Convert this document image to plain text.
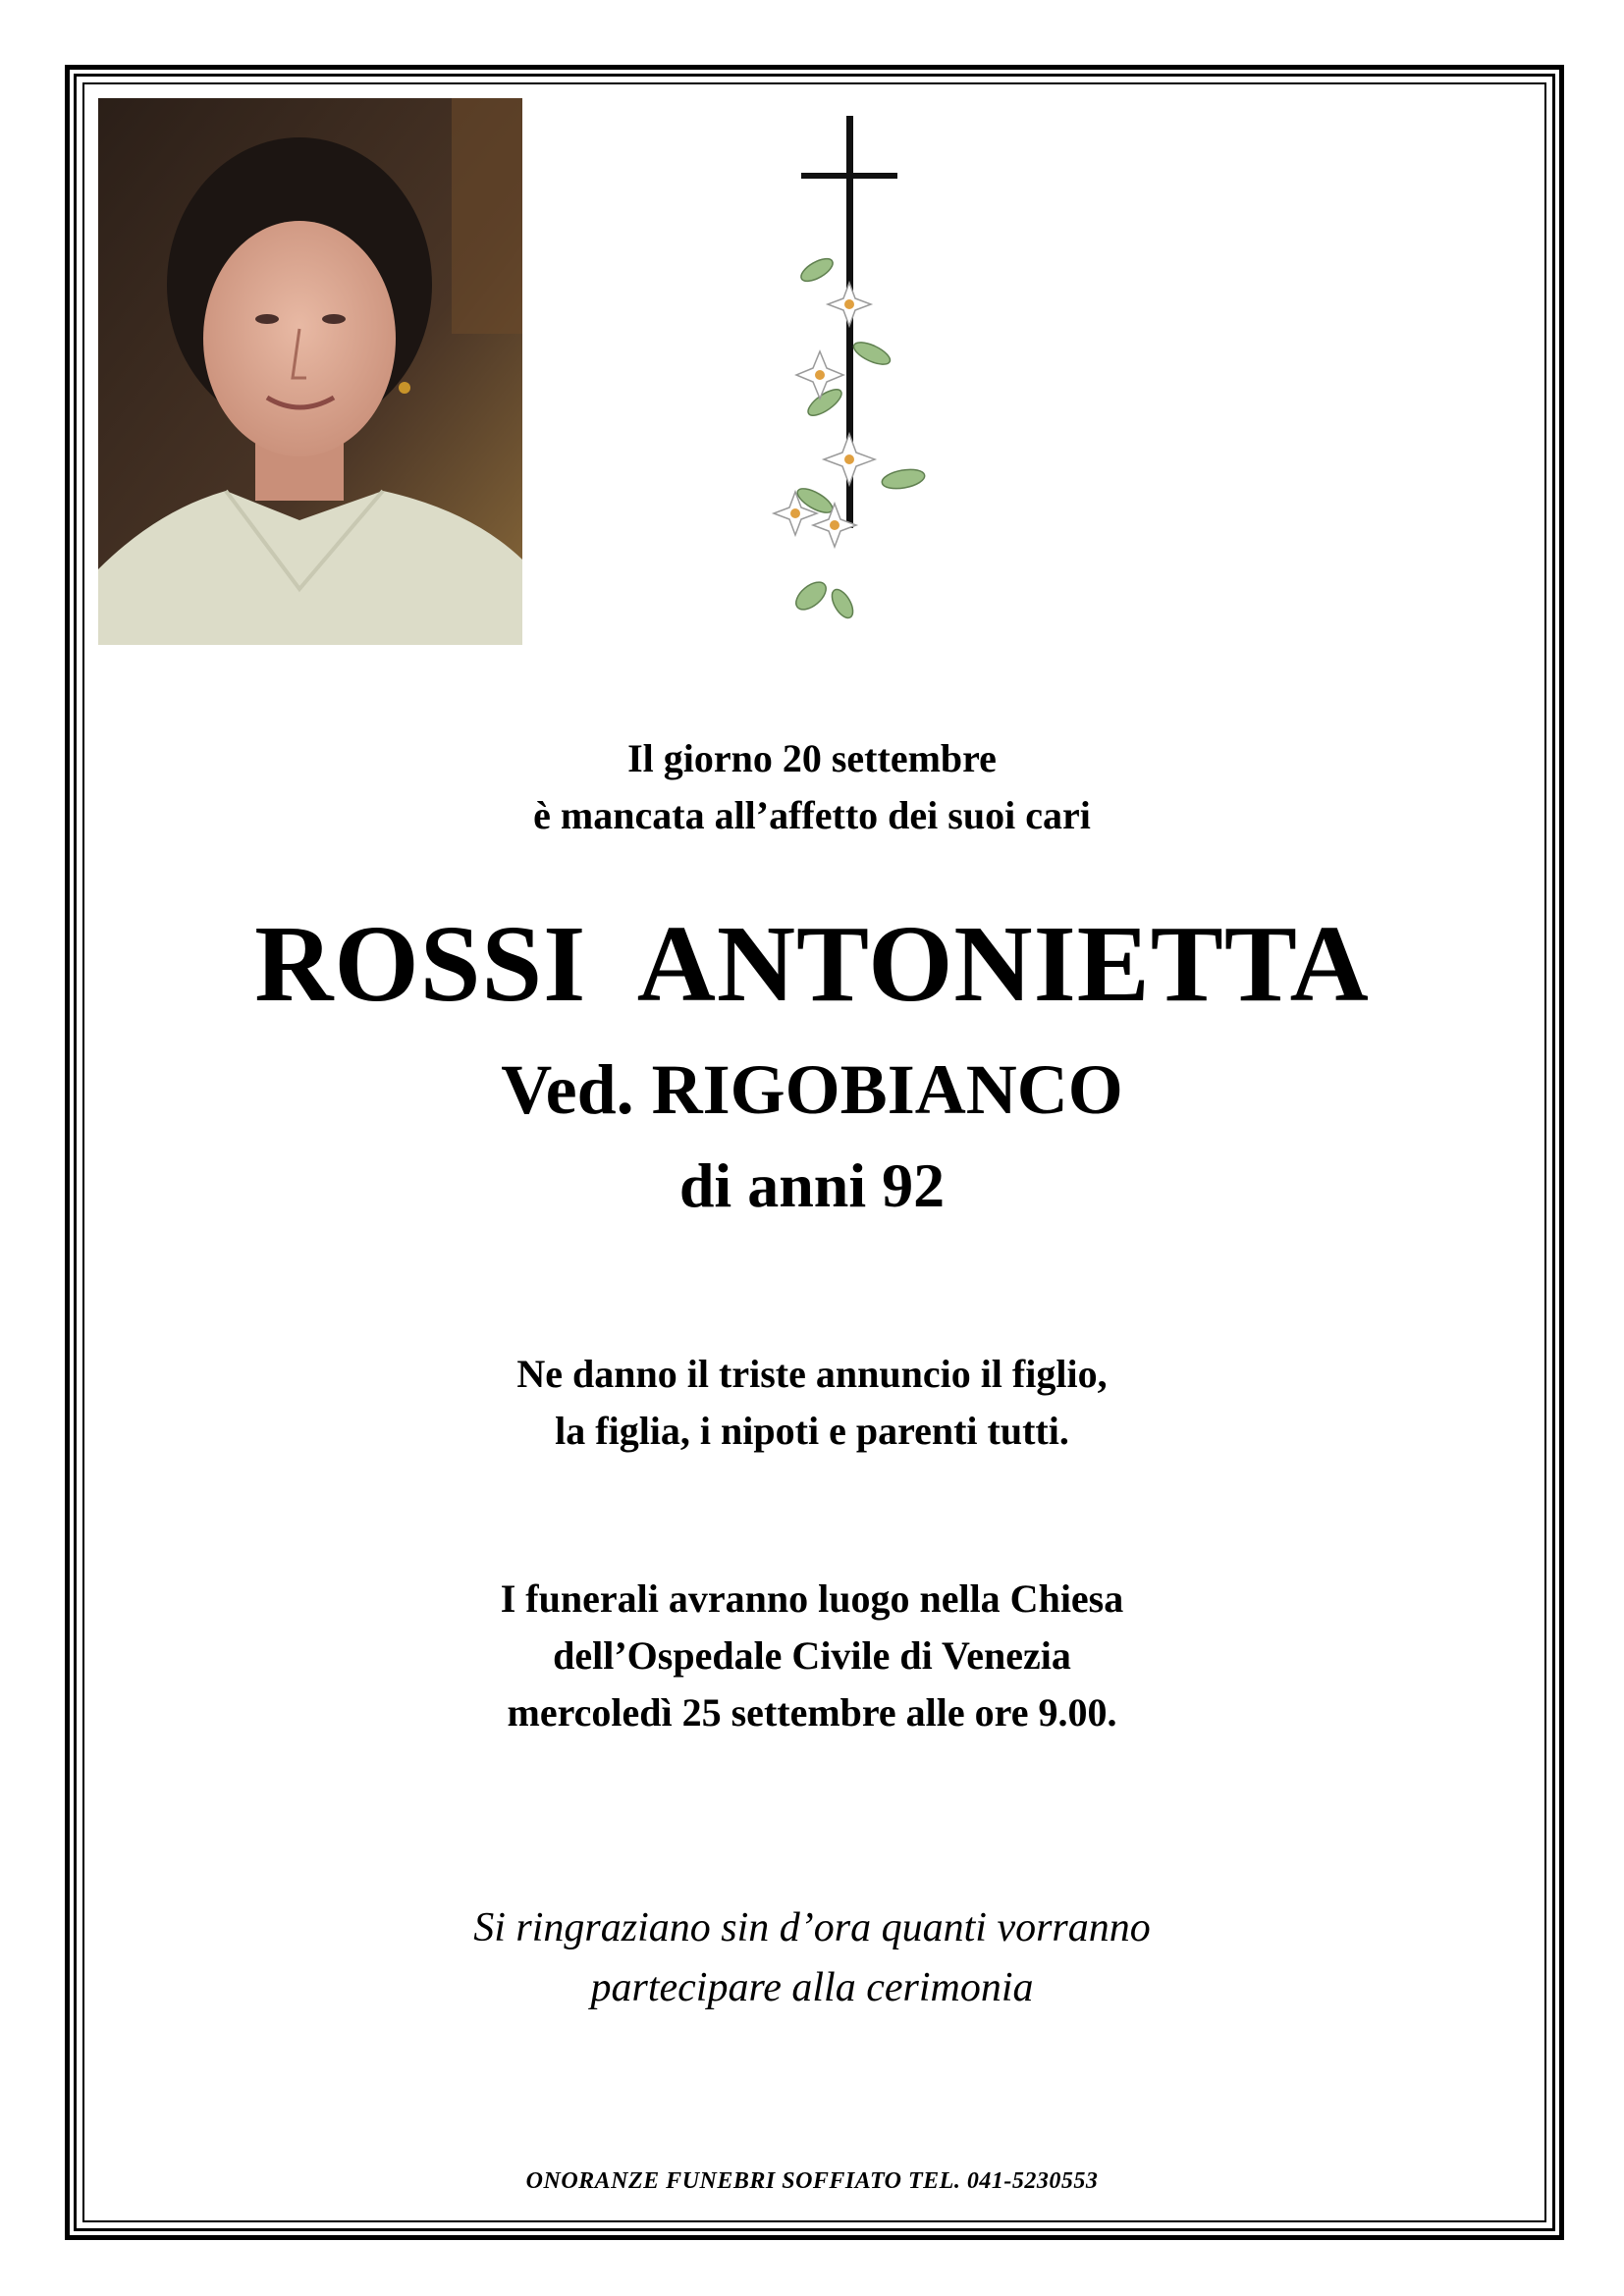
Il giorno 20 settembre
è mancata all’affetto dei suoi cari
ROSSI  ANTONIETTA
Ved. RIGOBIANCO
di anni 92
Ne danno il triste annuncio il figlio,
la figlia, i nipoti e parenti tutti.
I funerali avranno luogo nella Chiesa
dell’Ospedale Civile di Venezia
mercoledì 25 settembre alle ore 9.00.
Si ringraziano sin d’ora quanti vorranno
partecipare alla cerimonia
ONORANZE FUNEBRI SOFFIATO TEL. 041-5230553
